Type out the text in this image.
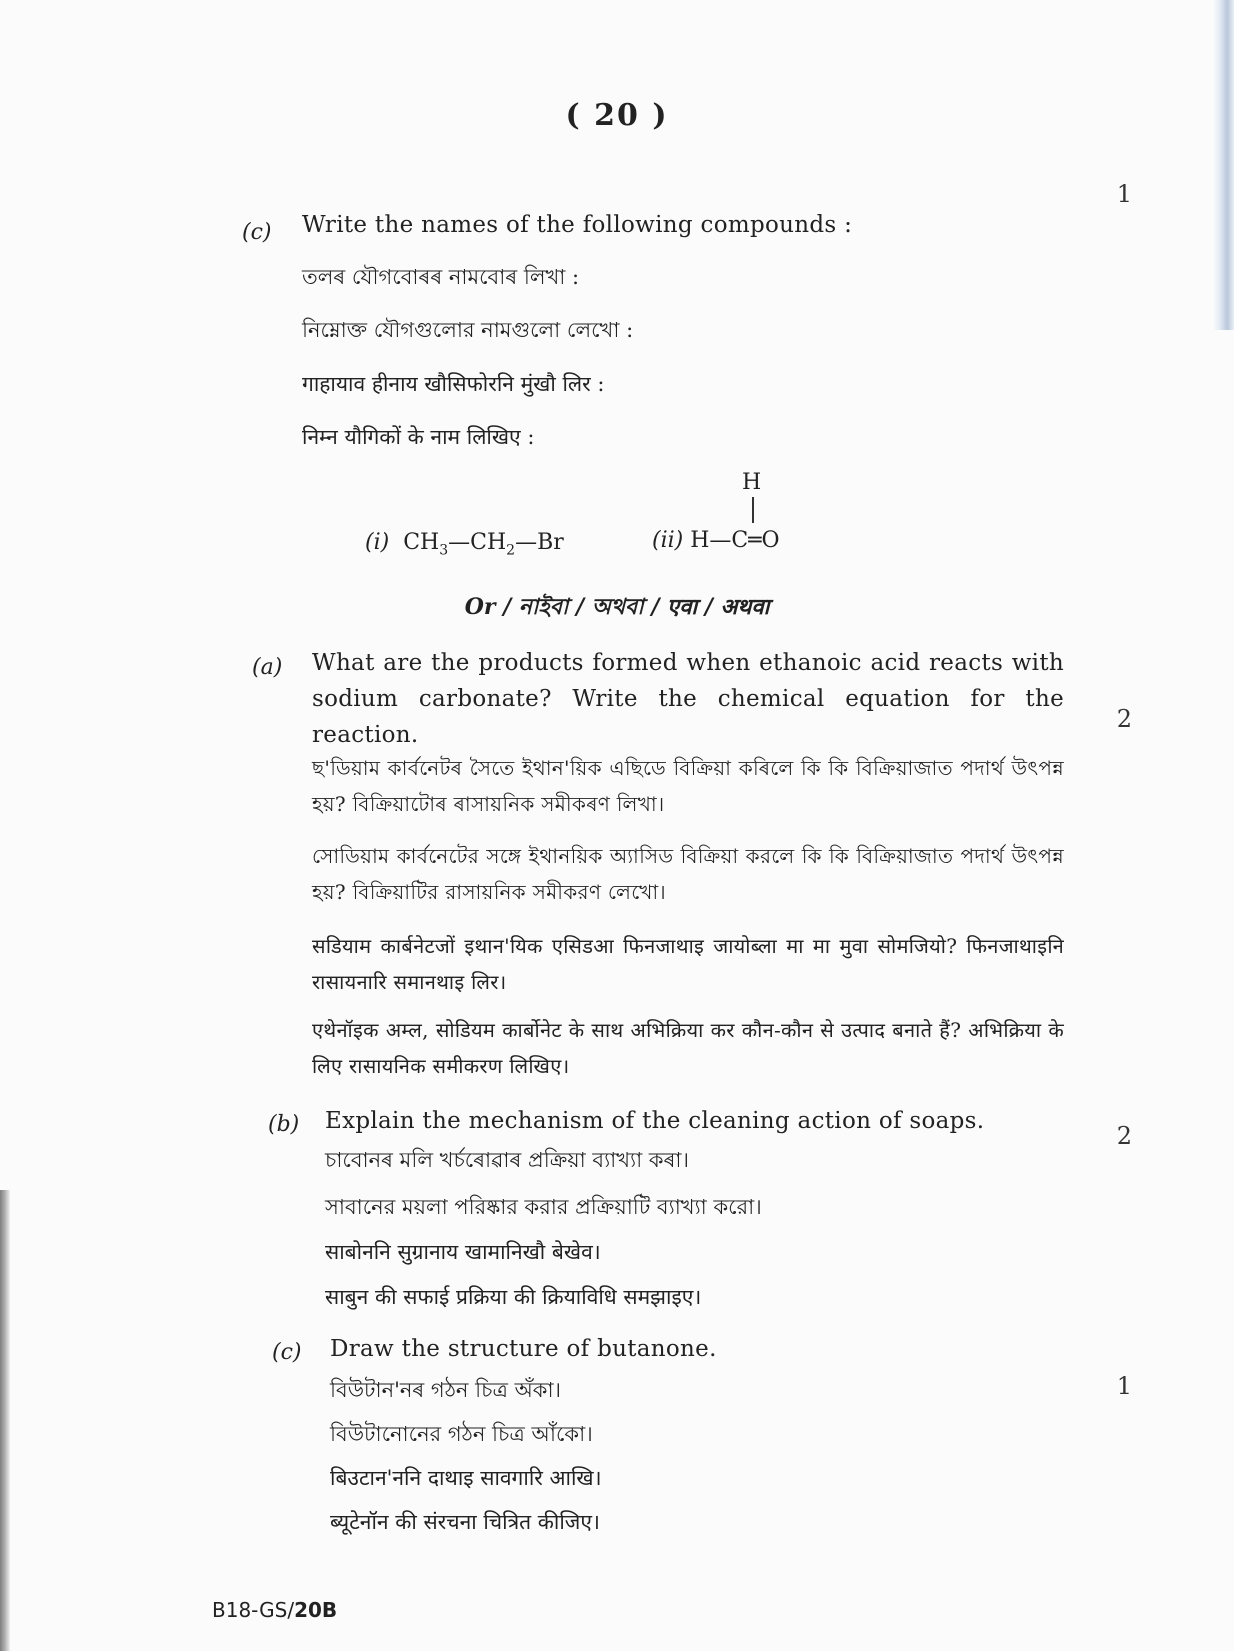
( 20 )
(c) Write the names of the following compounds :
1
তলৰ যৌগবোৰৰ নামবোৰ লিখা :
নিম্নোক্ত যৌগগুলোর নামগুলো লেখো :
गाहायाव हीनाय खौसिफोरनि मुंखौ लिर :
निम्न यौगिकों के नाम लिखिए :
(i)  $CH_3—CH_2—Br$	(ii) H—C═O
H
Or / নাইবা / অথবা / एवा / अथवा
(a) What are the products formed when ethanoic acid reacts with sodium carbonate? Write the chemical equation for the reaction.
2
ছ'ডিয়াম কাৰ্বনেটৰ সৈতে ইথান'য়িক এছিডে বিক্ৰিয়া কৰিলে কি কি বিক্ৰিয়াজাত পদাৰ্থ উৎপন্ন হয়? বিক্ৰিয়াটোৰ ৰাসায়নিক সমীকৰণ লিখা।
সোডিয়াম কার্বনেটের সঙ্গে ইথানয়িক অ্যাসিড বিক্রিয়া করলে কি কি বিক্রিয়াজাত পদার্থ উৎপন্ন হয়? বিক্রিয়াটির রাসায়নিক সমীকরণ লেখো।
सडियाम कार्बनेटजों इथान'यिक एसिडआ फिनजाथाइ जायोब्ला मा मा मुवा सोमजियो? फिनजाथाइनि रासायनारि समानथाइ लिर।
एथेनॉइक अम्ल, सोडियम कार्बोनेट के साथ अभिक्रिया कर कौन-कौन से उत्पाद बनाते हैं? अभिक्रिया के लिए रासायनिक समीकरण लिखिए।
(b) Explain the mechanism of the cleaning action of soaps.
2
চাবোনৰ মলি খৰ্চৰোৱাৰ প্ৰক্ৰিয়া ব্যাখ্যা কৰা।
সাবানের ময়লা পরিষ্কার করার প্রক্রিয়াটি ব্যাখ্যা করো।
साबोननि सुग्रानाय खामानिखौ बेखेव।
साबुन की सफाई प्रक्रिया की क्रियाविधि समझाइए।
(c) Draw the structure of butanone.
1
বিউটান'নৰ গঠন চিত্ৰ অঁকা।
বিউটানোনের গঠন চিত্র আঁকো।
बिउटान'ननि दाथाइ सावगारि आखि।
ब्यूटेनॉन की संरचना चित्रित कीजिए।
B18-GS/20B
